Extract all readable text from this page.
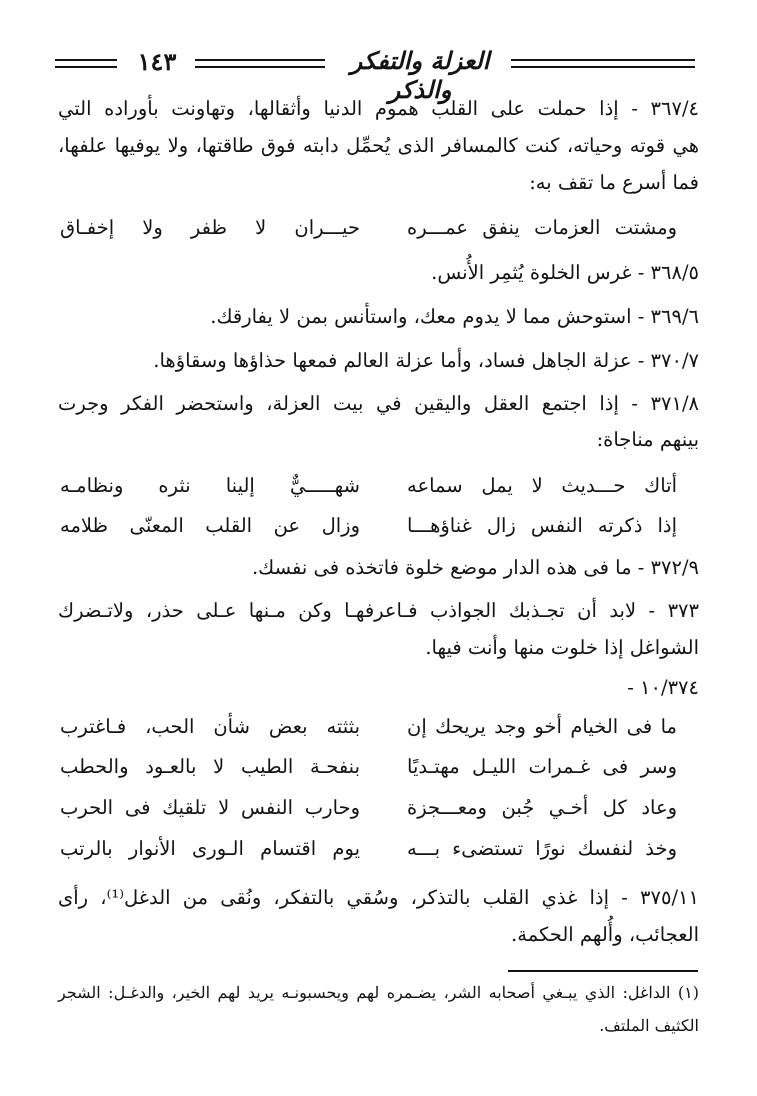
١٤٣	العزلة والتفكر والذكر
٣٦٧/٤ - إذا حملت على القلب هموم الدنيا وأثقالها، وتهاونت بأوراده التي
هي قوته وحياته، كنت كالمسافر الذى يُحمِّل دابته فوق طاقتها، ولا يوفيها علفها،
فما أسرع ما تقف به:
ومشتت العزمات ينفق عمـــره
حيـــران لا ظفر ولا إخفـاق
٣٦٨/٥ - غرس الخلوة يُثمِر الأُنس.
٣٦٩/٦ - استوحش مما لا يدوم معك، واستأنس بمن لا يفارقك.
٣٧٠/٧ - عزلة الجاهل فساد، وأما عزلة العالم فمعها حذاؤها وسقاؤها.
٣٧١/٨ - إذا اجتمع العقل واليقين في بيت العزلة، واستحضر الفكر وجرت
بينهم مناجاة:
أتاك حـــديث لا يمل سماعه
شهـــــيٌّ إلينا نثره ونظامـه
إذا ذكرته النفس زال غناؤهـــا
وزال عن القلب المعنّى ظلامه
٣٧٢/٩ - ما فى هذه الدار موضع خلوة فاتخذه فى نفسك.
٣٧٣ - لابد أن تجـذبك الجواذب فـاعرفهـا وكن مـنها عـلى حذر، ولاتـضرك
الشواغل إذا خلوت منها وأنت فيها.
١٠/٣٧٤ -
ما فى الخيام أخو وجد يريحك إن
بثثته بعض شأن الحب، فـاغترب
وسر فى غـمرات الليـل مهتـديًا
بنفحـة الطيب لا بالعـود والحطب
وعاد كل أخـي جُبن ومعـــجزة
وحارب النفس لا تلقيك فى الحرب
وخذ لنفسك نورًا تستضىء بـــه
يوم اقتسام الـورى الأنوار بالرتب
٣٧٥/١١ - إذا غذي القلب بالتذكر، وسُقي بالتفكر، ونُقى من الدغل⁽¹⁾، رأى
العجائب، وأُلهم الحكمة.
(١) الداغل: الذي يبـغي أصحابه الشر، يضـمره لهم ويحسبونـه يريد لهم الخير، والدغـل: الشجر
الكثيف الملتف.
